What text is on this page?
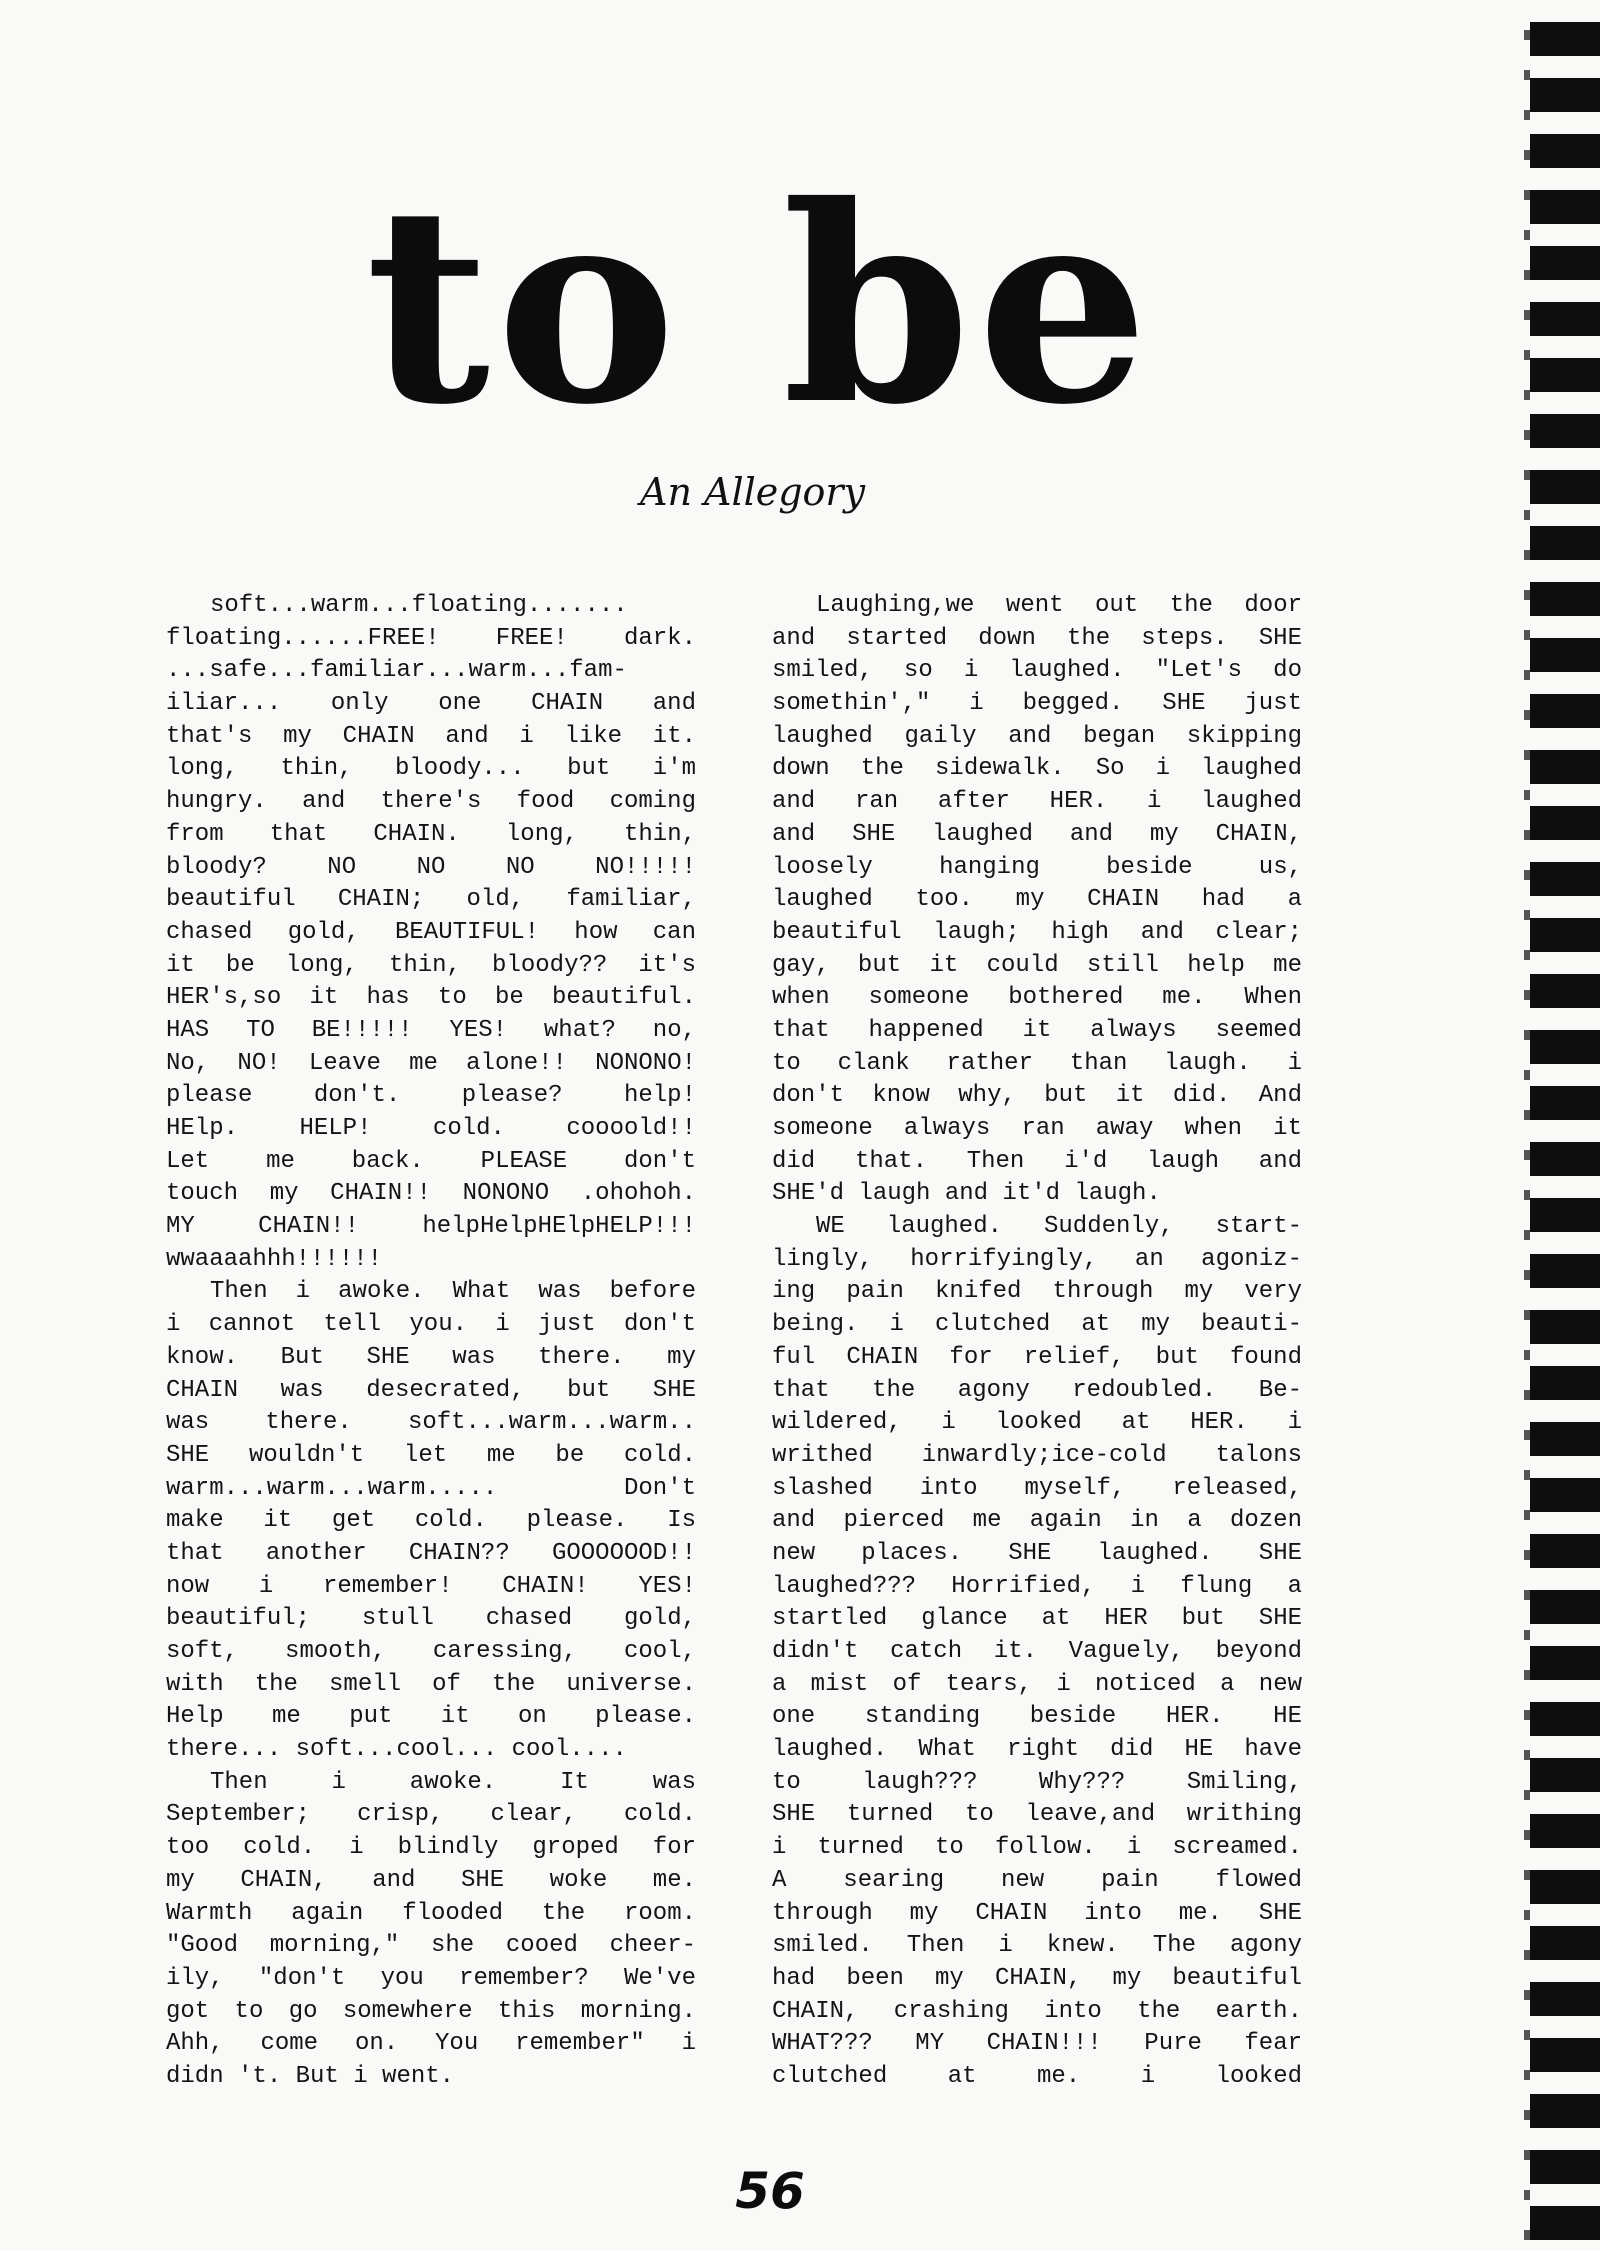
to be
An Allegory
soft...warm...floating.......
floating......FREE! FREE! dark.
...safe...familiar...warm...fam-
iliar... only one CHAIN and
that's my CHAIN and i like it.
long, thin, bloody... but i'm
hungry. and there's food coming
from that CHAIN. long, thin,
bloody? NO NO NO NO!!!!!
beautiful CHAIN; old, familiar,
chased gold, BEAUTIFUL! how can
it be long, thin, bloody?? it's
HER's,so it has to be beautiful.
HAS TO BE!!!!! YES! what? no,
No, NO! Leave me alone!! NONONO!
please don't. please? help!
HElp. HELP! cold. coooold!!
Let me back. PLEASE don't
touch my CHAIN!! NONONO .ohohoh.
MY CHAIN!! helpHelpHElpHELP!!!
wwaaaahhh!!!!!!
Then i awoke. What was before
i cannot tell you. i just don't
know. But SHE was there. my
CHAIN was desecrated, but SHE
was there. soft...warm...warm..
SHE wouldn't let me be cold.
warm...warm...warm..... Don't
make it get cold. please. Is
that another CHAIN?? GOOOOOOD!!
now i remember! CHAIN! YES!
beautiful; stull chased gold,
soft, smooth, caressing, cool,
with the smell of the universe.
Help me put it on please.
there... soft...cool... cool....
Then i awoke. It was
September; crisp, clear, cold.
too cold. i blindly groped for
my CHAIN, and SHE woke me.
Warmth again flooded the room.
"Good morning," she cooed cheer-
ily, "don't you remember? We've
got to go somewhere this morning.
Ahh, come on. You remember" i
didn 't. But i went.
Laughing,we went out the door
and started down the steps. SHE
smiled, so i laughed. "Let's do
somethin'," i begged. SHE just
laughed gaily and began skipping
down the sidewalk. So i laughed
and ran after HER. i laughed
and SHE laughed and my CHAIN,
loosely hanging beside us,
laughed too. my CHAIN had a
beautiful laugh; high and clear;
gay, but it could still help me
when someone bothered me. When
that happened it always seemed
to clank rather than laugh. i
don't know why, but it did. And
someone always ran away when it
did that. Then i'd laugh and
SHE'd laugh and it'd laugh.
WE laughed. Suddenly, start-
lingly, horrifyingly, an agoniz-
ing pain knifed through my very
being. i clutched at my beauti-
ful CHAIN for relief, but found
that the agony redoubled. Be-
wildered, i looked at HER. i
writhed inwardly;ice-cold talons
slashed into myself, released,
and pierced me again in a dozen
new places. SHE laughed. SHE
laughed??? Horrified, i flung a
startled glance at HER but SHE
didn't catch it. Vaguely, beyond
a mist of tears, i noticed a new
one standing beside HER. HE
laughed. What right did HE have
to laugh??? Why??? Smiling,
SHE turned to leave,and writhing
i turned to follow. i screamed.
A searing new pain flowed
through my CHAIN into me. SHE
smiled. Then i knew. The agony
had been my CHAIN, my beautiful
CHAIN, crashing into the earth.
WHAT??? MY CHAIN!!! Pure fear
clutched at me. i looked
56
